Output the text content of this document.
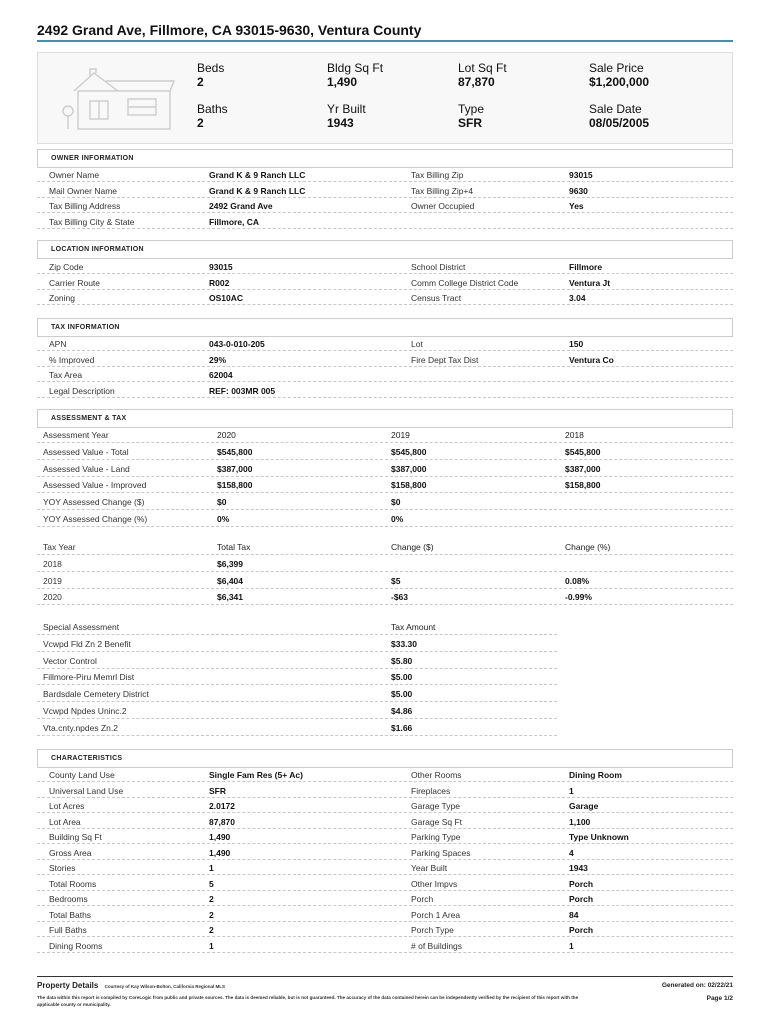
2492 Grand Ave, Fillmore, CA 93015-9630, Ventura County
Beds
2
Bldg Sq Ft
1,490
Lot Sq Ft
87,870
Sale Price
$1,200,000
Baths
2
Yr Built
1943
Type
SFR
Sale Date
08/05/2005
OWNER INFORMATION
Owner Name	Grand K & 9 Ranch LLC	Tax Billing Zip	93015
Mail Owner Name	Grand K & 9 Ranch LLC	Tax Billing Zip+4	9630
Tax Billing Address	2492 Grand Ave	Owner Occupied	Yes
Tax Billing City & State	Fillmore, CA
LOCATION INFORMATION
Zip Code	93015	School District	Fillmore
Carrier Route	R002	Comm College District Code	Ventura Jt
Zoning	OS10AC	Census Tract	3.04
TAX INFORMATION
APN	043-0-010-205	Lot	150
% Improved	29%	Fire Dept Tax Dist	Ventura Co
Tax Area	62004
Legal Description	REF: 003MR 005
ASSESSMENT & TAX
Assessment Year	2020	2019	2018
Assessed Value - Total	$545,800	$545,800	$545,800
Assessed Value - Land	$387,000	$387,000	$387,000
Assessed Value - Improved	$158,800	$158,800	$158,800
YOY Assessed Change ($)	$0	$0
YOY Assessed Change (%)	0%	0%
Tax Year	Total Tax	Change ($)	Change (%)
2018	$6,399
2019	$6,404	$5	0.08%
2020	$6,341	-$63	-0.99%
Special Assessment	Tax Amount
Vcwpd Fld Zn 2 Benefit	$33.30
Vector Control	$5.80
Fillmore-Piru Memrl Dist	$5.00
Bardsdale Cemetery District	$5.00
Vcwpd Npdes Uninc.2	$4.86
Vta.cnty.npdes Zn.2	$1.66
CHARACTERISTICS
County Land Use	Single Fam Res (5+ Ac)	Other Rooms	Dining Room
Universal Land Use	SFR	Fireplaces	1
Lot Acres	2.0172	Garage Type	Garage
Lot Area	87,870	Garage Sq Ft	1,100
Building Sq Ft	1,490	Parking Type	Type Unknown
Gross Area	1,490	Parking Spaces	4
Stories	1	Year Built	1943
Total Rooms	5	Other Impvs	Porch
Bedrooms	2	Porch	Porch
Total Baths	2	Porch 1 Area	84
Full Baths	2	Porch Type	Porch
Dining Rooms	1	# of Buildings	1
Property Details Courtesy of Kay Wilson-Bolton, California Regional MLS	Generated on: 02/22/21
The data within this report is compiled by CoreLogic from public and private sources. The data is deemed reliable, but is not guaranteed. The accuracy of the data contained herein can be independently verified by the recipient of this report with the applicable county or municipality.
Page 1/2
